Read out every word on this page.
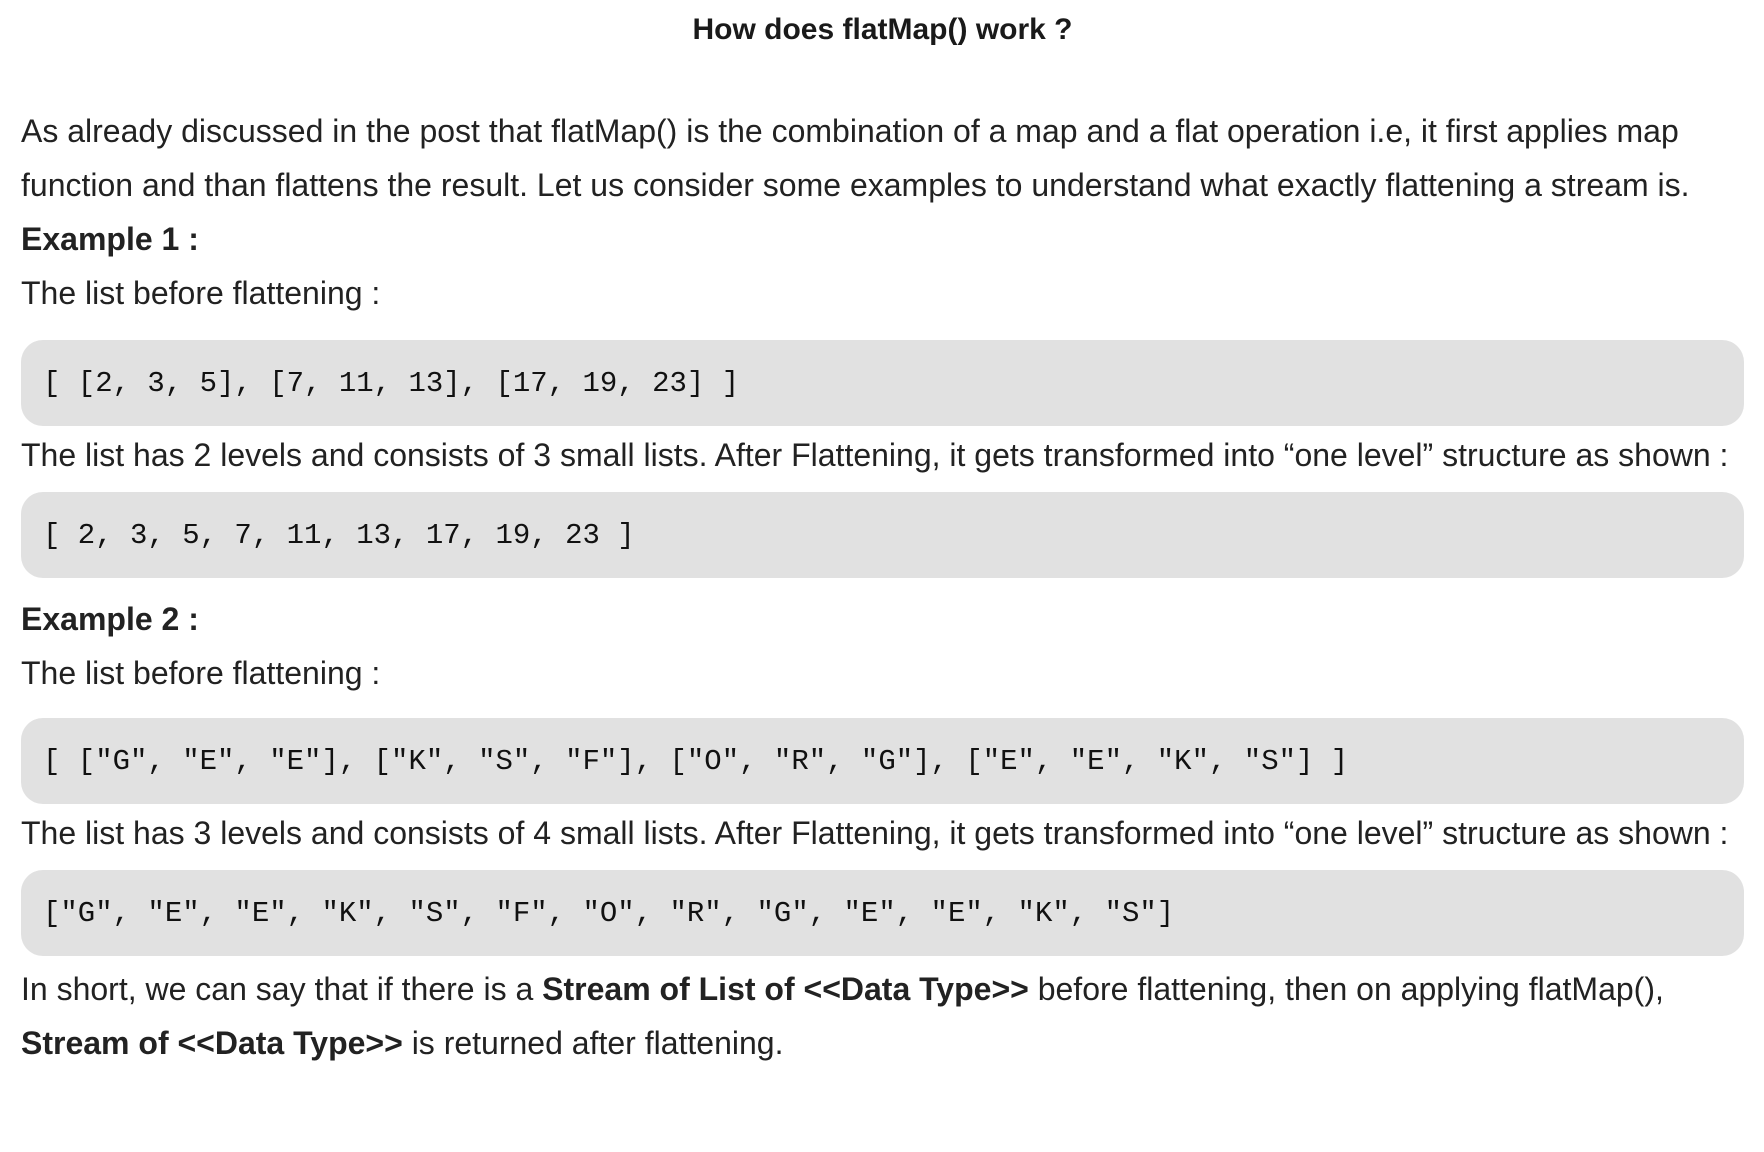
How does flatMap() work ?

As already discussed in the post that flatMap() is the combination of a map and a flat operation i.e, it first applies map function and than flattens the result. Let us consider some examples to understand what exactly flattening a stream is.

Example 1 :

The list before flattening :

[ [2, 3, 5], [7, 11, 13], [17, 19, 23] ]

The list has 2 levels and consists of 3 small lists. After Flattening, it gets transformed into “one level” structure as shown :

[ 2, 3, 5, 7, 11, 13, 17, 19, 23 ]

Example 2 :

The list before flattening :

[ ["G", "E", "E"], ["K", "S", "F"], ["O", "R", "G"], ["E", "E", "K", "S"] ]

The list has 3 levels and consists of 4 small lists. After Flattening, it gets transformed into “one level” structure as shown :

["G", "E", "E", "K", "S", "F", "O", "R", "G", "E", "E", "K", "S"]

In short, we can say that if there is a Stream of List of <<Data Type>> before flattening, then on applying flatMap(), Stream of <<Data Type>> is returned after flattening.
